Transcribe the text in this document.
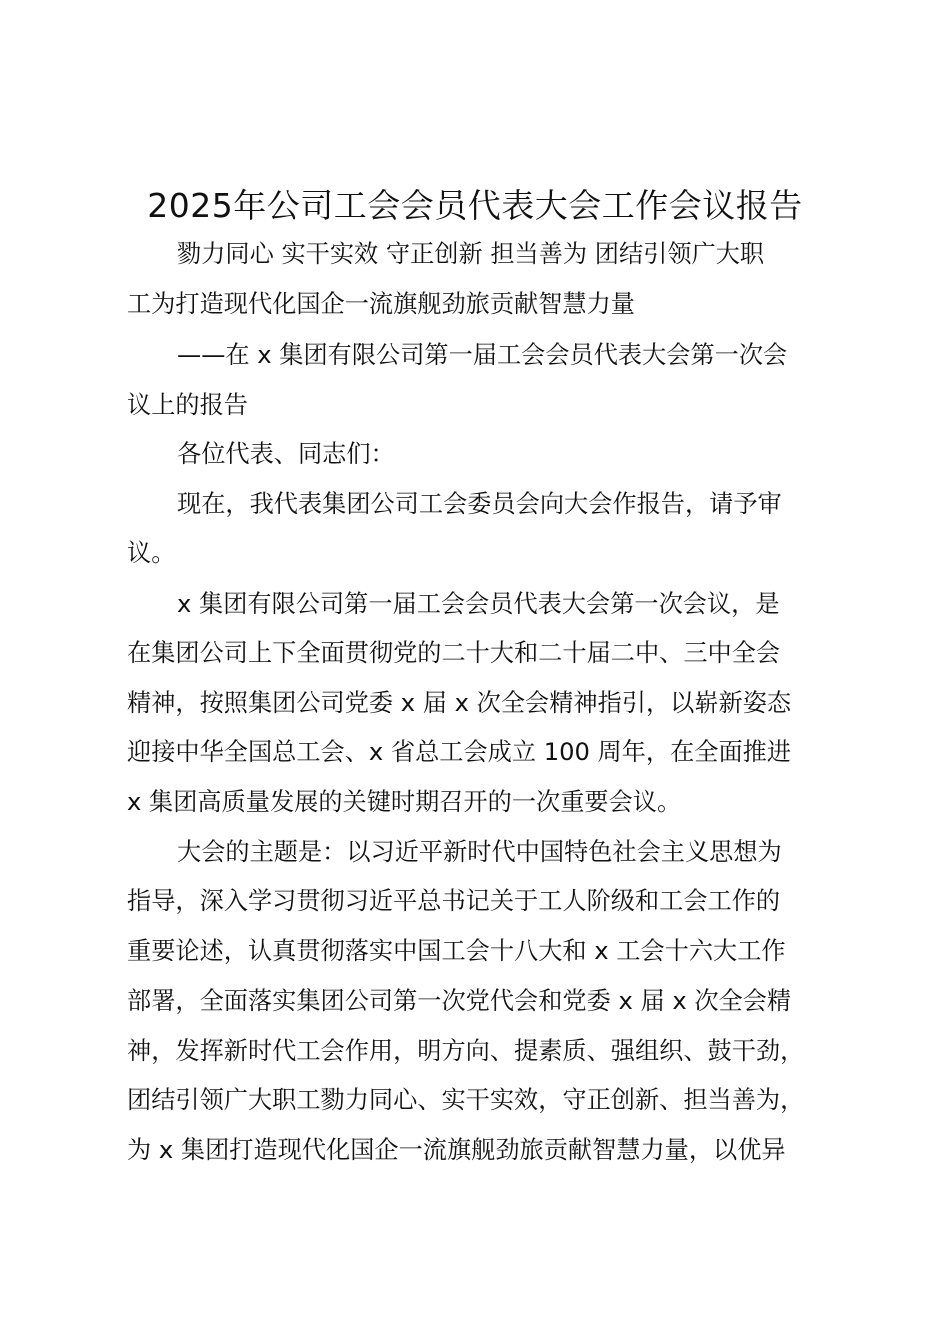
2025年公司工会会员代表大会工作会议报告
勠力同心 实干实效 守正创新 担当善为 团结引领广大职
工为打造现代化国企一流旗舰劲旅贡献智慧力量
——在 x 集团有限公司第一届工会会员代表大会第一次会
议上的报告
各位代表、同志们：
现在，我代表集团公司工会委员会向大会作报告，请予审
议。
x 集团有限公司第一届工会会员代表大会第一次会议，是
在集团公司上下全面贯彻党的二十大和二十届二中、三中全会
精神，按照集团公司党委 x 届 x 次全会精神指引，以崭新姿态
迎接中华全国总工会、x 省总工会成立 100 周年，在全面推进
x 集团高质量发展的关键时期召开的一次重要会议。
大会的主题是：以习近平新时代中国特色社会主义思想为
指导，深入学习贯彻习近平总书记关于工人阶级和工会工作的
重要论述，认真贯彻落实中国工会十八大和 x 工会十六大工作
部署，全面落实集团公司第一次党代会和党委 x 届 x 次全会精
神，发挥新时代工会作用，明方向、提素质、强组织、鼓干劲，
团结引领广大职工勠力同心、实干实效，守正创新、担当善为，
为 x 集团打造现代化国企一流旗舰劲旅贡献智慧力量，以优异
